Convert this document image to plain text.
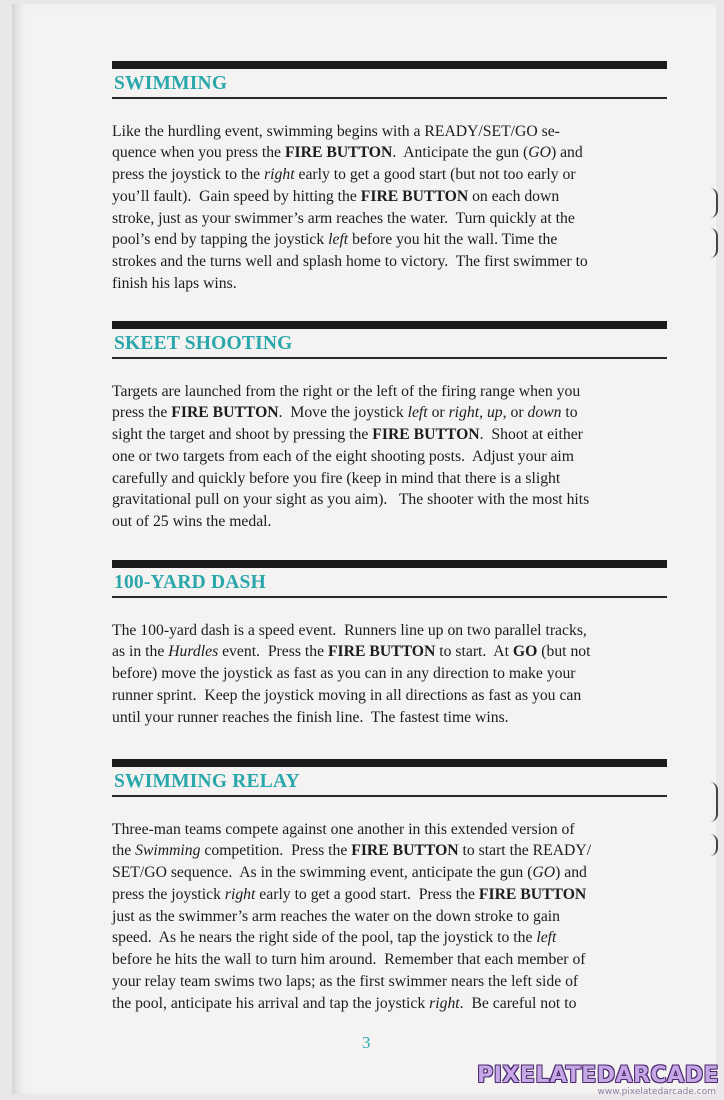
SWIMMING
Like the hurdling event, swimming begins with a READY/SET/GO se-
quence when you press the FIRE BUTTON.  Anticipate the gun (GO) and
press the joystick to the right early to get a good start (but not too early or
you’ll fault).  Gain speed by hitting the FIRE BUTTON on each down
stroke, just as your swimmer’s arm reaches the water.  Turn quickly at the
pool’s end by tapping the joystick left before you hit the wall. Time the
strokes and the turns well and splash home to victory.  The first swimmer to
finish his laps wins.
SKEET SHOOTING
Targets are launched from the right or the left of the firing range when you
press the FIRE BUTTON.  Move the joystick left or right, up, or down to
sight the target and shoot by pressing the FIRE BUTTON.  Shoot at either
one or two targets from each of the eight shooting posts.  Adjust your aim
carefully and quickly before you fire (keep in mind that there is a slight
gravitational pull on your sight as you aim).   The shooter with the most hits
out of 25 wins the medal.
100-YARD DASH
The 100-yard dash is a speed event.  Runners line up on two parallel tracks,
as in the Hurdles event.  Press the FIRE BUTTON to start.  At GO (but not
before) move the joystick as fast as you can in any direction to make your
runner sprint.  Keep the joystick moving in all directions as fast as you can
until your runner reaches the finish line.  The fastest time wins.
SWIMMING RELAY
Three-man teams compete against one another in this extended version of
the Swimming competition.  Press the FIRE BUTTON to start the READY/
SET/GO sequence.  As in the swimming event, anticipate the gun (GO) and
press the joystick right early to get a good start.  Press the FIRE BUTTON
just as the swimmer’s arm reaches the water on the down stroke to gain
speed.  As he nears the right side of the pool, tap the joystick to the left
before he hits the wall to turn him around.  Remember that each member of
your relay team swims two laps; as the first swimmer nears the left side of
the pool, anticipate his arrival and tap the joystick right.  Be careful not to
3
PIXELATEDARCADE
www.pixelatedarcade.com
